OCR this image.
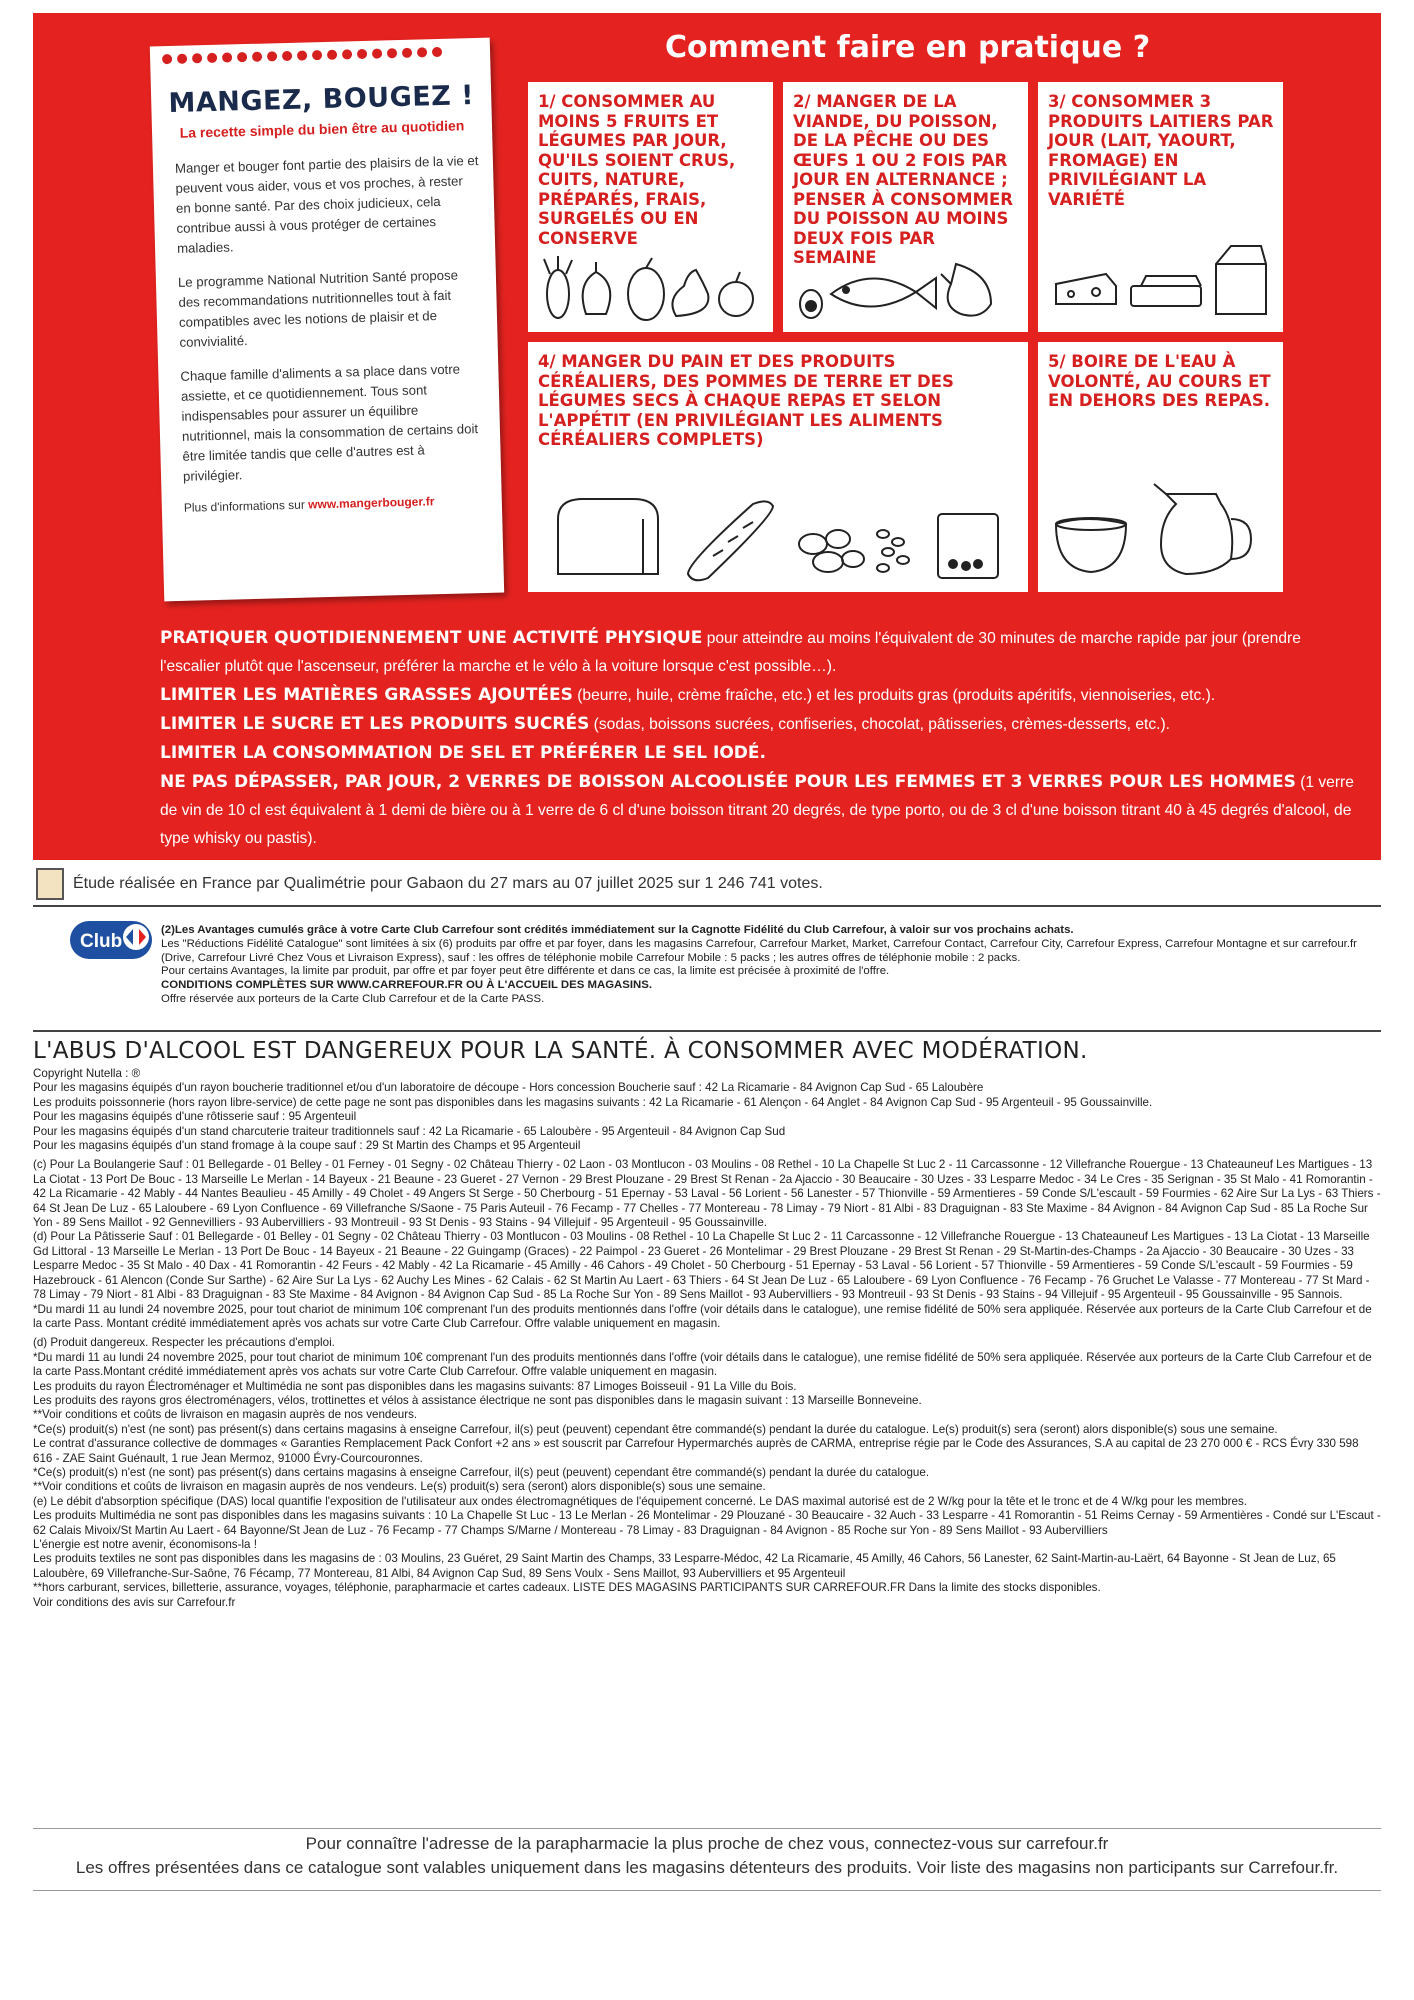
MANGEZ, BOUGEZ !
La recette simple du bien être au quotidien

Manger et bouger font partie des plaisirs de la vie et peuvent vous aider, vous et vos proches, à rester en bonne santé. Par des choix judicieux, cela contribue aussi à vous protéger de certaines maladies.

Le programme National Nutrition Santé propose des recommandations nutritionnelles tout à fait compatibles avec les notions de plaisir et de convivialité.

Chaque famille d'aliments a sa place dans votre assiette, et ce quotidiennement. Tous sont indispensables pour assurer un équilibre nutritionnel, mais la consommation de certains doit être limitée tandis que celle d'autres est à privilégier.

Plus d'informations sur www.mangerbouger.fr
Comment faire en pratique ?
1/ CONSOMMER AU MOINS 5 FRUITS ET LÉGUMES PAR JOUR, QU'ILS SOIENT CRUS, CUITS, NATURE, PRÉPARÉS, FRAIS, SURGELÉS OU EN CONSERVE
2/ MANGER DE LA VIANDE, DU POISSON, DE LA PÊCHE OU DES ŒUFS 1 OU 2 FOIS PAR JOUR EN ALTERNANCE ; PENSER À CONSOMMER DU POISSON AU MOINS DEUX FOIS PAR SEMAINE
3/ CONSOMMER 3 PRODUITS LAITIERS PAR JOUR (LAIT, YAOURT, FROMAGE) EN PRIVILÉGIANT LA VARIÉTÉ
4/ MANGER DU PAIN ET DES PRODUITS CÉRÉALIERS, DES POMMES DE TERRE ET DES LÉGUMES SECS À CHAQUE REPAS ET SELON L'APPÉTIT (EN PRIVILÉGIANT LES ALIMENTS CÉRÉALIERS COMPLETS)
5/ BOIRE DE L'EAU À VOLONTÉ, AU COURS ET EN DEHORS DES REPAS.
PRATIQUER QUOTIDIENNEMENT UNE ACTIVITÉ PHYSIQUE pour atteindre au moins l'équivalent de 30 minutes de marche rapide par jour (prendre l'escalier plutôt que l'ascenseur, préférer la marche et le vélo à la voiture lorsque c'est possible…).
LIMITER LES MATIÈRES GRASSES AJOUTÉES (beurre, huile, crème fraîche, etc.) et les produits gras (produits apéritifs, viennoiseries, etc.).
LIMITER LE SUCRE ET LES PRODUITS SUCRÉS (sodas, boissons sucrées, confiseries, chocolat, pâtisseries, crèmes-desserts, etc.).
LIMITER LA CONSOMMATION DE SEL ET PRÉFÉRER LE SEL IODÉ.
NE PAS DÉPASSER, PAR JOUR, 2 VERRES DE BOISSON ALCOOLISÉE POUR LES FEMMES ET 3 VERRES POUR LES HOMMES (1 verre de vin de 10 cl est équivalent à 1 demi de bière ou à 1 verre de 6 cl d'une boisson titrant 20 degrés, de type porto, ou de 3 cl d'une boisson titrant 40 à 45 degrés d'alcool, de type whisky ou pastis).
Étude réalisée en France par Qualimétrie pour Gabaon du 27 mars au 07 juillet 2025 sur 1 246 741 votes.
Club
(2)Les Avantages cumulés grâce à votre Carte Club Carrefour sont crédités immédiatement sur la Cagnotte Fidélité du Club Carrefour, à valoir sur vos prochains achats.
Les "Réductions Fidélité Catalogue" sont limitées à six (6) produits par offre et par foyer, dans les magasins Carrefour, Carrefour Market, Market, Carrefour Contact, Carrefour City, Carrefour Express, Carrefour Montagne et sur carrefour.fr (Drive, Carrefour Livré Chez Vous et Livraison Express), sauf : les offres de téléphonie mobile Carrefour Mobile : 5 packs ; les autres offres de téléphonie mobile : 2 packs.
Pour certains Avantages, la limite par produit, par offre et par foyer peut être différente et dans ce cas, la limite est précisée à proximité de l'offre.
CONDITIONS COMPLÈTES SUR WWW.CARREFOUR.FR OU À L'ACCUEIL DES MAGASINS.
Offre réservée aux porteurs de la Carte Club Carrefour et de la Carte PASS.
L'ABUS D'ALCOOL EST DANGEREUX POUR LA SANTÉ. À CONSOMMER AVEC MODÉRATION.

Copyright Nutella : ®

Pour les magasins équipés d'un rayon boucherie traditionnel et/ou d'un laboratoire de découpe - Hors concession Boucherie sauf : 42 La Ricamarie - 84 Avignon Cap Sud - 65 Laloubère

Les produits poissonnerie (hors rayon libre-service) de cette page ne sont pas disponibles dans les magasins suivants : 42 La Ricamarie - 61 Alençon - 64 Anglet - 84 Avignon Cap Sud - 95 Argenteuil - 95 Goussainville.

Pour les magasins équipés d'une rôtisserie sauf : 95 Argenteuil

Pour les magasins équipés d'un stand charcuterie traiteur traditionnels sauf : 42 La Ricamarie - 65 Laloubère - 95 Argenteuil - 84 Avignon Cap Sud

Pour les magasins équipés d'un stand fromage à la coupe sauf : 29 St Martin des Champs et 95 Argenteuil

(c) Pour La Boulangerie Sauf : 01 Bellegarde - 01 Belley - 01 Ferney - 01 Segny - 02 Château Thierry - 02 Laon - 03 Montlucon - 03 Moulins - 08 Rethel - 10 La Chapelle St Luc 2 - 11 Carcassonne - 12 Villefranche Rouergue - 13 Chateauneuf Les Martigues - 13 La Ciotat - 13 Port De Bouc - 13 Marseille Le Merlan - 14 Bayeux - 21 Beaune - 23 Gueret - 27 Vernon - 29 Brest Plouzane - 29 Brest St Renan - 2a Ajaccio - 30 Beaucaire - 30 Uzes - 33 Lesparre Medoc - 34 Le Cres - 35 Serignan - 35 St Malo - 41 Romorantin - 42 La Ricamarie - 42 Mably - 44 Nantes Beaulieu - 45 Amilly - 49 Cholet - 49 Angers St Serge - 50 Cherbourg - 51 Epernay - 53 Laval - 56 Lorient - 56 Lanester - 57 Thionville - 59 Armentieres - 59 Conde S/L'escault - 59 Fourmies - 62 Aire Sur La Lys - 63 Thiers - 64 St Jean De Luz - 65 Laloubere - 69 Lyon Confluence - 69 Villefranche S/Saone - 75 Paris Auteuil - 76 Fecamp - 77 Chelles - 77 Montereau - 78 Limay - 79 Niort - 81 Albi - 83 Draguignan - 83 Ste Maxime - 84 Avignon - 84 Avignon Cap Sud - 85 La Roche Sur Yon - 89 Sens Maillot - 92 Gennevilliers - 93 Aubervilliers - 93 Montreuil - 93 St Denis - 93 Stains - 94 Villejuif - 95 Argenteuil - 95 Goussainville.

(d) Pour La Pâtisserie Sauf : 01 Bellegarde - 01 Belley - 01 Segny - 02 Château Thierry - 03 Montlucon - 03 Moulins - 08 Rethel - 10 La Chapelle St Luc 2 - 11 Carcassonne - 12 Villefranche Rouergue - 13 Chateauneuf Les Martigues - 13 La Ciotat - 13 Marseille Gd Littoral - 13 Marseille Le Merlan - 13 Port De Bouc - 14 Bayeux - 21 Beaune - 22 Guingamp (Graces) - 22 Paimpol - 23 Gueret - 26 Montelimar - 29 Brest Plouzane - 29 Brest St Renan - 29 St-Martin-des-Champs - 2a Ajaccio - 30 Beaucaire - 30 Uzes - 33 Lesparre Medoc - 35 St Malo - 40 Dax - 41 Romorantin - 42 Feurs - 42 Mably - 42 La Ricamarie - 45 Amilly - 46 Cahors - 49 Cholet - 50 Cherbourg - 51 Epernay - 53 Laval - 56 Lorient - 57 Thionville - 59 Armentieres - 59 Conde S/L'escault - 59 Fourmies - 59 Hazebrouck - 61 Alencon (Conde Sur Sarthe) - 62 Aire Sur La Lys - 62 Auchy Les Mines - 62 Calais - 62 St Martin Au Laert - 63 Thiers - 64 St Jean De Luz - 65 Laloubere - 69 Lyon Confluence - 76 Fecamp - 76 Gruchet Le Valasse - 77 Montereau - 77 St Mard - 78 Limay - 79 Niort - 81 Albi - 83 Draguignan - 83 Ste Maxime - 84 Avignon - 84 Avignon Cap Sud - 85 La Roche Sur Yon - 89 Sens Maillot - 93 Aubervilliers - 93 Montreuil - 93 St Denis - 93 Stains - 94 Villejuif - 95 Argenteuil - 95 Goussainville - 95 Sannois.

*Du mardi 11 au lundi 24 novembre 2025, pour tout chariot de minimum 10€ comprenant l'un des produits mentionnés dans l'offre (voir détails dans le catalogue), une remise fidélité de 50% sera appliquée. Réservée aux porteurs de la Carte Club Carrefour et de la carte Pass. Montant crédité immédiatement après vos achats sur votre Carte Club Carrefour. Offre valable uniquement en magasin.

(d) Produit dangereux. Respecter les précautions d'emploi.

*Du mardi 11 au lundi 24 novembre 2025, pour tout chariot de minimum 10€ comprenant l'un des produits mentionnés dans l'offre (voir détails dans le catalogue), une remise fidélité de 50% sera appliquée. Réservée aux porteurs de la Carte Club Carrefour et de la carte Pass.Montant crédité immédiatement après vos achats sur votre Carte Club Carrefour. Offre valable uniquement en magasin.

Les produits du rayon Électroménager et Multimédia ne sont pas disponibles dans les magasins suivants: 87 Limoges Boisseuil - 91 La Ville du Bois.

Les produits des rayons gros électroménagers, vélos, trottinettes et vélos à assistance électrique ne sont pas disponibles dans le magasin suivant : 13 Marseille Bonneveine.

**Voir conditions et coûts de livraison en magasin auprès de nos vendeurs.

*Ce(s) produit(s) n'est (ne sont) pas présent(s) dans certains magasins à enseigne Carrefour, il(s) peut (peuvent) cependant être commandé(s) pendant la durée du catalogue. Le(s) produit(s) sera (seront) alors disponible(s) sous une semaine.

Le contrat d'assurance collective de dommages « Garanties Remplacement Pack Confort +2 ans » est souscrit par Carrefour Hypermarchés auprès de CARMA, entreprise régie par le Code des Assurances, S.A au capital de 23 270 000 € - RCS Évry 330 598 616 - ZAE Saint Guénault, 1 rue Jean Mermoz, 91000 Évry-Courcouronnes.

*Ce(s) produit(s) n'est (ne sont) pas présent(s) dans certains magasins à enseigne Carrefour, il(s) peut (peuvent) cependant être commandé(s) pendant la durée du catalogue.

**Voir conditions et coûts de livraison en magasin auprès de nos vendeurs. Le(s) produit(s) sera (seront) alors disponible(s) sous une semaine.

(e) Le débit d'absorption spécifique (DAS) local quantifie l'exposition de l'utilisateur aux ondes électromagnétiques de l'équipement concerné. Le DAS maximal autorisé est de 2 W/kg pour la tête et le tronc et de 4 W/kg pour les membres.

Les produits Multimédia ne sont pas disponibles dans les magasins suivants : 10 La Chapelle St Luc - 13 Le Merlan - 26 Montelimar - 29 Plouzané - 30 Beaucaire - 32 Auch - 33 Lesparre - 41 Romorantin - 51 Reims Cernay - 59 Armentières - Condé sur L'Escaut - 62 Calais Mivoix/St Martin Au Laert - 64 Bayonne/St Jean de Luz - 76 Fecamp - 77 Champs S/Marne / Montereau - 78 Limay - 83 Draguignan - 84 Avignon - 85 Roche sur Yon - 89 Sens Maillot - 93 Aubervilliers

L'énergie est notre avenir, économisons-la !

Les produits textiles ne sont pas disponibles dans les magasins de : 03 Moulins, 23 Guéret, 29 Saint Martin des Champs, 33 Lesparre-Médoc, 42 La Ricamarie, 45 Amilly, 46 Cahors, 56 Lanester, 62 Saint-Martin-au-Laërt, 64 Bayonne - St Jean de Luz, 65 Laloubère, 69 Villefranche-Sur-Saône, 76 Fécamp, 77 Montereau, 81 Albi, 84 Avignon Cap Sud, 89 Sens Voulx - Sens Maillot, 93 Aubervilliers et 95 Argenteuil

**hors carburant, services, billetterie, assurance, voyages, téléphonie, parapharmacie et cartes cadeaux. LISTE DES MAGASINS PARTICIPANTS SUR CARREFOUR.FR Dans la limite des stocks disponibles.

Voir conditions des avis sur Carrefour.fr

Pour connaître l'adresse de la parapharmacie la plus proche de chez vous, connectez-vous sur carrefour.fr
Les offres présentées dans ce catalogue sont valables uniquement dans les magasins détenteurs des produits. Voir liste des magasins non participants sur Carrefour.fr.
